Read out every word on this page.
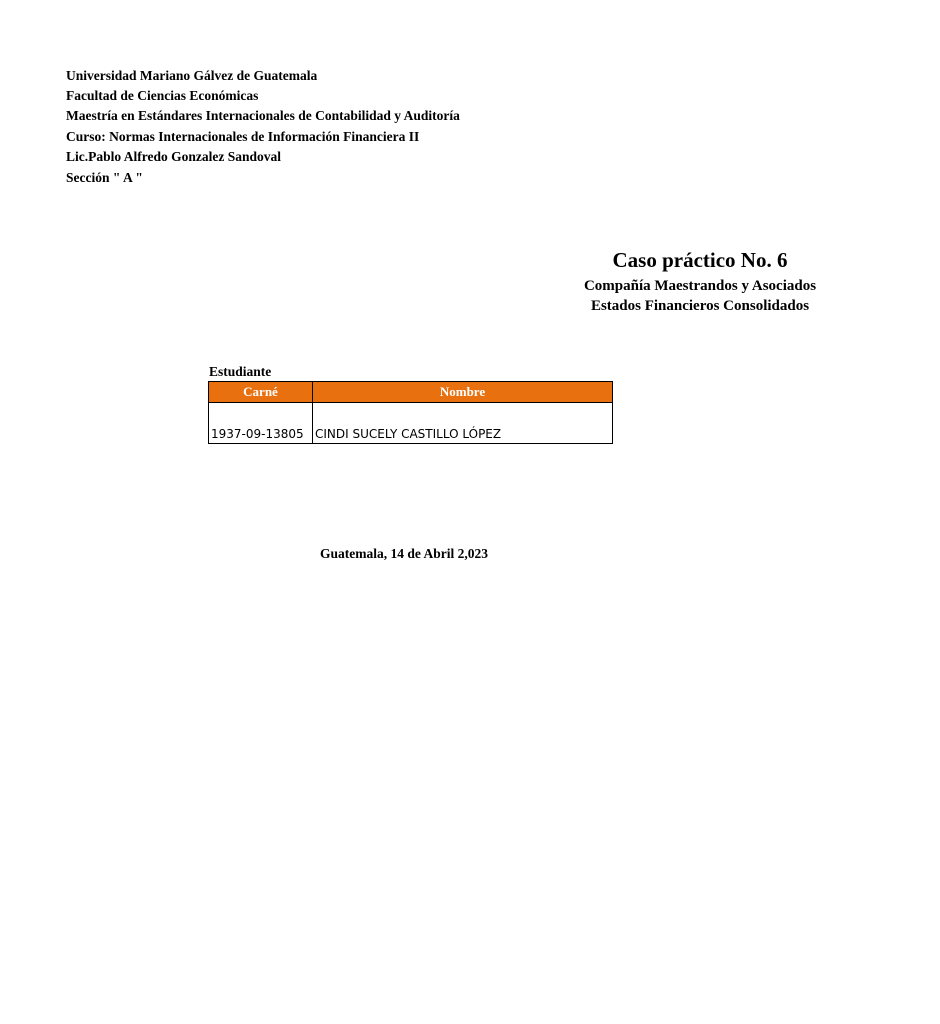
Universidad Mariano Gálvez de Guatemala
Facultad de Ciencias Económicas
Maestría en Estándares Internacionales de Contabilidad y Auditoría
Curso: Normas Internacionales de Información Financiera II
Lic.Pablo Alfredo Gonzalez Sandoval
Sección " A "
Caso práctico No. 6
Compañía Maestrandos y Asociados
Estados Financieros Consolidados
Estudiante
Carné	Nombre
1937-09-13805	CINDI SUCELY CASTILLO LÓPEZ
Guatemala, 14 de Abril 2,023
